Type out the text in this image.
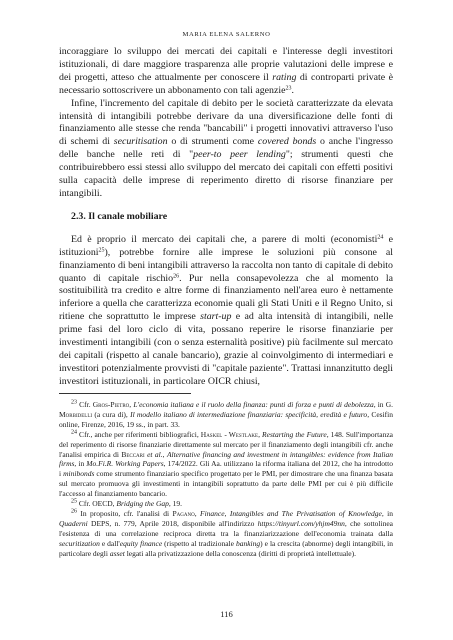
MARIA ELENA SALERNO

incoraggiare lo sviluppo dei mercati dei capitali e l'interesse degli investitori istituzionali, di dare maggiore trasparenza alle proprie valutazioni delle imprese e dei progetti, atteso che attualmente per conoscere il rating di controparti private è necessario sottoscrivere un abbonamento con tali agenzie$^{23}$.

Infine, l'incremento del capitale di debito per le società caratterizzate da elevata intensità di intangibili potrebbe derivare da una diversificazione delle fonti di finanziamento alle stesse che renda "bancabili" i progetti innovativi attraverso l'uso di schemi di securitisation o di strumenti come covered bonds o anche l'ingresso delle banche nelle reti di "peer-to peer lending"; strumenti questi che contribuirebbero essi stessi allo sviluppo del mercato dei capitali con effetti positivi sulla capacità delle imprese di reperimento diretto di risorse finanziare per intangibili.

2.3. Il canale mobiliare

Ed è proprio il mercato dei capitali che, a parere di molti (economisti$^{24}$ e istituzioni$^{25}$), potrebbe fornire alle imprese le soluzioni più consone al finanziamento di beni intangibili attraverso la raccolta non tanto di capitale di debito quanto di capitale rischio$^{26}$. Pur nella consapevolezza che al momento la sostituibilità tra credito e altre forme di finanziamento nell'area euro è nettamente inferiore a quella che caratterizza economie quali gli Stati Uniti e il Regno Unito, si ritiene che soprattutto le imprese start-up e ad alta intensità di intangibili, nelle prime fasi del loro ciclo di vita, possano reperire le risorse finanziarie per investimenti intangibili (con o senza esternalità positive) più facilmente sul mercato dei capitali (rispetto al canale bancario), grazie al coinvolgimento di intermediari e investitori potenzialmente provvisti di "capitale paziente". Trattasi innanzitutto degli investitori istituzionali, in particolare OICR chiusi,

$^{23}$ Cfr. Gros-Pietro, L'economia italiana e il ruolo della finanza: punti di forza e punti di debolezza, in G. Morbidelli (a cura di), Il modello italiano di intermediazione finanziaria: specificità, eredità e futuro, Cesifin online, Firenze, 2016, 19 ss., in part. 33.

$^{24}$ Cfr., anche per riferimenti bibliografici, Haskel - Westlake, Restarting the Future, 148. Sull'importanza del reperimento di risorse finanziarie direttamente sul mercato per il finanziamento degli intangibili cfr. anche l'analisi empirica di Beccari et al., Alternative financing and investment in intangibles: evidence from Italian firms, in Mo.Fi.R. Working Papers, 174/2022. Gli Aa. utilizzano la riforma italiana del 2012, che ha introdotto i minibonds come strumento finanziario specifico progettato per le PMI, per dimostrare che una finanza basata sul mercato promuova gli investimenti in intangibili soprattutto da parte delle PMI per cui è più difficile l'accesso al finanziamento bancario.

$^{25}$ Cfr. OECD, Bridging the Gap, 19.

$^{26}$ In proposito, cfr. l'analisi di Pagano, Finance, Intangibles and The Privatisation of Knowledge, in Quaderni DEPS, n. 779, Aprile 2018, disponibile all'indirizzo https://tinyurl.com/yhjm49nn, che sottolinea l'esistenza di una correlazione reciproca diretta tra la finanziarizzazione dell'economia trainata dalla securitization e dall'equity finance (rispetto al tradizionale banking) e la crescita (abnorme) degli intangibili, in particolare degli asset legati alla privatizzazione della conoscenza (diritti di proprietà intellettuale).

116
